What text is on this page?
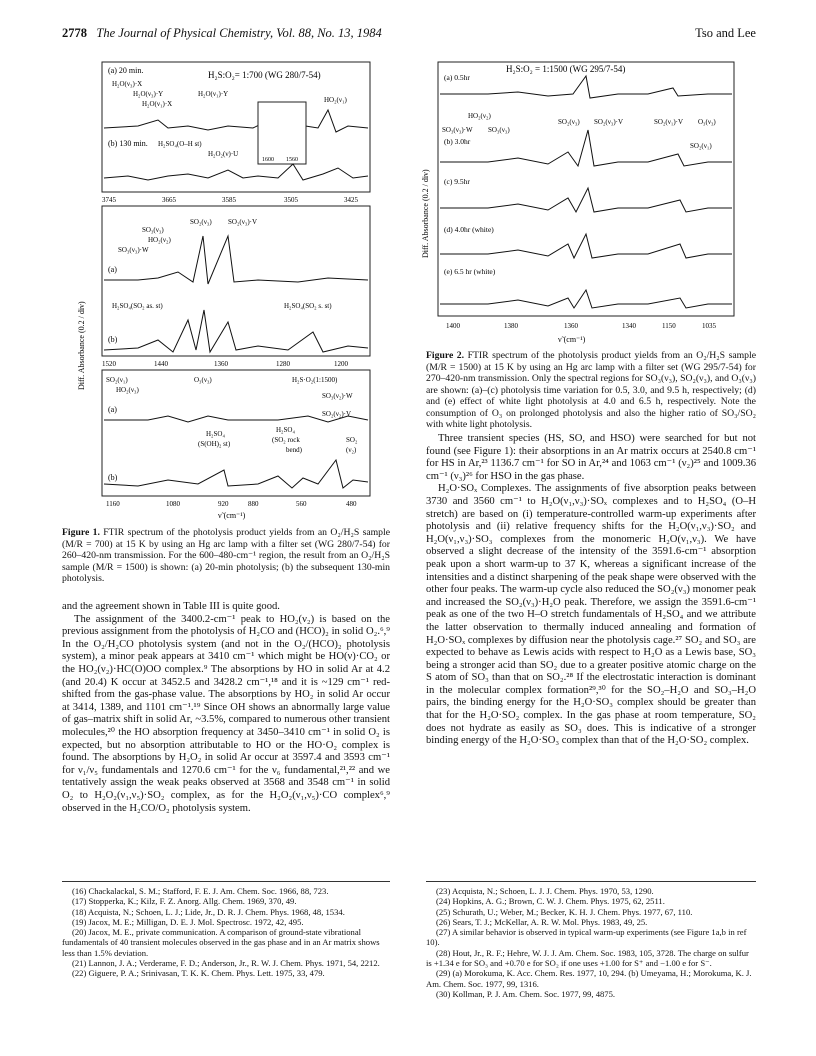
2778 The Journal of Physical Chemistry, Vol. 88, No. 13, 1984	Tso and Lee
Diff. Absorbance (0.2 / div)
(a) 20 min.	H₂S:O₂= 1:700 (WG 280/7-54)
H₂O(ν₃)·X
H₂O(ν₃)·Y	H₂O(ν₁)·Y
H₂O(ν₁)·X	HO₂(ν₁)
1600 1560
(b) 130 min. H₂SO₄(O–H st)
H₂O₂(ν)·U
3745	3665	3585	3505	3425
SO₃(ν₃)
SO₂(ν₃) SO₂(ν₃)·V
HO₂(ν₂)
SO₃(ν₃)·W
(a)
H₂SO₄(SO₂ as. st)	H₂SO₄(SO₂ s. st)
(b)
1520	1440	1360	1280	1200
SO₂(ν₁)
HO₂(ν₃)
O₃(ν₃)	H₂S·O₂(1:1500)
SO₃(ν₂)·W
SO₂(ν₂)·V
(a)
H₂SO₄
(S(OH)₂ st)
H₂SO₄
(SO₂ rock
bend)
SO₂
(ν₂)
(b)
1160	1080	920	880	560	480
ν̃ (cm⁻¹)
Figure 1. FTIR spectrum of the photolysis product yields from an O₂/H₂S sample (M/R = 700) at 15 K by using an Hg arc lamp with a filter set (WG 280/7-54) for 260–420-nm transmission. For the 600–480-cm⁻¹ region, the result from an O₂/H₂S sample (M/R = 1500) is shown: (a) 20-min photolysis; (b) the subsequent 130-min photolysis.

and the agreement shown in Table III is quite good.

The assignment of the 3400.2-cm⁻¹ peak to HO₂(ν₂) is based on the previous assignment from the photolysis of H₂CO and (HCO)₂ in solid O₂.⁶,⁹ In the O₂/H₂CO photolysis system (and not in the O₂/(HCO)₂ photolysis system), a minor peak appears at 3410 cm⁻¹ which might be HO(ν)·CO₂ or the HO₂(ν₂)·HC(O)OO complex.⁹ The absorptions by HO in solid Ar at 4.2 (and 20.4) K occur at 3452.5 and 3428.2 cm⁻¹,¹⁸ and it is ~129 cm⁻¹ red-shifted from the gas-phase value. The absorptions by HO₂ in solid Ar occur at 3414, 1389, and 1101 cm⁻¹.¹⁹ Since OH shows an abnormally large value of gas–matrix shift in solid Ar, ~3.5%, compared to numerous other transient molecules,²⁰ the HO absorption frequency at 3450–3410 cm⁻¹ in solid O₂ is expected, but no absorption attributable to HO or the HO·O₂ complex is found. The absorptions by H₂O₂ in solid Ar occur at 3597.4 and 3593 cm⁻¹ for ν₁/ν₅ fundamentals and 1270.6 cm⁻¹ for the ν₆ fundamental,²¹,²² and we tentatively assign the weak peaks observed at 3568 and 3548 cm⁻¹ in solid O₂ to H₂O₂(ν₁,ν₅)·SO₂ complex, as for the H₂O₂(ν₁,ν₅)·CO complex⁶,⁹ observed in the H₂CO/O₂ photolysis system.

(16) Chackalackal, S. M.; Stafford, F. E. J. Am. Chem. Soc. 1966, 88, 723.
(17) Stopperka, K.; Kilz, F. Z. Anorg. Allg. Chem. 1969, 370, 49.
(18) Acquista, N.; Schoen, L. J.; Lide, Jr., D. R. J. Chem. Phys. 1968, 48, 1534.
(19) Jacox, M. E.; Milligan, D. E. J. Mol. Spectrosc. 1972, 42, 495.
(20) Jacox, M. E., private communication. A comparison of ground-state vibrational fundamentals of 40 transient molecules observed in the gas phase and in an Ar matrix shows less than 1.5% deviation.
(21) Lannon, J. A.; Verderame, F. D.; Anderson, Jr., R. W. J. Chem. Phys. 1971, 54, 2212.
(22) Giguere, P. A.; Srinivasan, T. K. K. Chem. Phys. Lett. 1975, 33, 479.
Diff. Absorbance (0.2 / div)
H₂S:O₂ = 1:1500 (WG 295/7-54)
(a) 0.5hr
HO₂(ν₂)
SO₃(ν₃)·W SO₃(ν₃)
SO₂(ν₃) SO₂(ν₃)·V	SO₂(ν₁)·V O₃(ν₃)
(b) 3.0hr	SO₂(ν₁)
(c) 9.5hr
(d) 4.0hr (white)
(e) 6.5 hr (white)
1400	1380	1360	1340	1150	1035
ν̃ (cm⁻¹)
Figure 2. FTIR spectrum of the photolysis product yields from an O₂/H₂S sample (M/R = 1500) at 15 K by using an Hg arc lamp with a filter set (WG 295/7-54) for 270–420-nm transmission. Only the spectral regions for SO₃(ν₃), SO₂(ν₃), and O₃(ν₃) are shown: (a)–(c) photolysis time variation for 0.5, 3.0, and 9.5 h, respectively; (d) and (e) effect of white light photolysis at 4.0 and 6.5 h, respectively. Note the consumption of O₃ on prolonged photolysis and also the higher ratio of SO₃/SO₂ with white light photolysis.

Three transient species (HS, SO, and HSO) were searched for but not found (see Figure 1): their absorptions in an Ar matrix occurs at 2540.8 cm⁻¹ for HS in Ar,²³ 1136.7 cm⁻¹ for SO in Ar,²⁴ and 1063 cm⁻¹ (ν₂)²⁵ and 1009.36 cm⁻¹ (ν₃)²⁶ for HSO in the gas phase.

H₂O·SOₓ Complexes. The assignments of five absorption peaks between 3730 and 3560 cm⁻¹ to H₂O(ν₁,ν₃)·SOₓ complexes and to H₂SO₄ (O–H stretch) are based on (i) temperature-controlled warm-up experiments after photolysis and (ii) relative frequency shifts for the H₂O(ν₁,ν₃)·SO₂ and H₂O(ν₁,ν₃)·SO₃ complexes from the monomeric H₂O(ν₁,ν₃). We have observed a slight decrease of the intensity of the 3591.6-cm⁻¹ absorption peak upon a short warm-up to 37 K, whereas a significant increase of the intensities and a distinct sharpening of the peak shape were observed with the other four peaks. The warm-up cycle also reduced the SO₂(ν₃) monomer peak and increased the SO₂(ν₃)·H₂O peak. Therefore, we assign the 3591.6-cm⁻¹ peak as one of the two H–O stretch fundamentals of H₂SO₄ and we attribute the latter observation to thermally induced annealing and formation of H₂O·SOₓ complexes by diffusion near the photolysis cage.²⁷ SO₂ and SO₃ are expected to behave as Lewis acids with respect to H₂O as a Lewis base, SO₃ being a stronger acid than SO₂ due to a greater positive atomic charge on the S atom of SO₃ than that on SO₂.²⁸ If the electrostatic interaction is dominant in the molecular complex formation²⁹,³⁰ for the SO₂–H₂O and SO₃–H₂O pairs, the binding energy for the H₂O·SO₃ complex should be greater than that for the H₂O·SO₂ complex. In the gas phase at room temperature, SO₂ does not hydrate as easily as SO₃ does. This is indicative of a stronger binding energy of the H₂O·SO₃ complex than that of the H₂O·SO₂ complex.

(23) Acquista, N.; Schoen, L. J. J. Chem. Phys. 1970, 53, 1290.
(24) Hopkins, A. G.; Brown, C. W. J. Chem. Phys. 1975, 62, 2511.
(25) Schurath, U.; Weber, M.; Becker, K. H. J. Chem. Phys. 1977, 67, 110.
(26) Sears, T. J.; McKellar, A. R. W. Mol. Phys. 1983, 49, 25.
(27) A similar behavior is observed in typical warm-up experiments (see Figure 1a,b in ref 10).
(28) Hout, Jr., R. F.; Hehre, W. J. J. Am. Chem. Soc. 1983, 105, 3728. The charge on sulfur is +1.34 e for SO₃ and +0.70 e for SO₂ if one uses +1.00 for S⁺ and −1.00 e for S⁻.
(29) (a) Morokuma, K. Acc. Chem. Res. 1977, 10, 294. (b) Umeyama, H.; Morokuma, K. J. Am. Chem. Soc. 1977, 99, 1316.
(30) Kollman, P. J. Am. Chem. Soc. 1977, 99, 4875.
